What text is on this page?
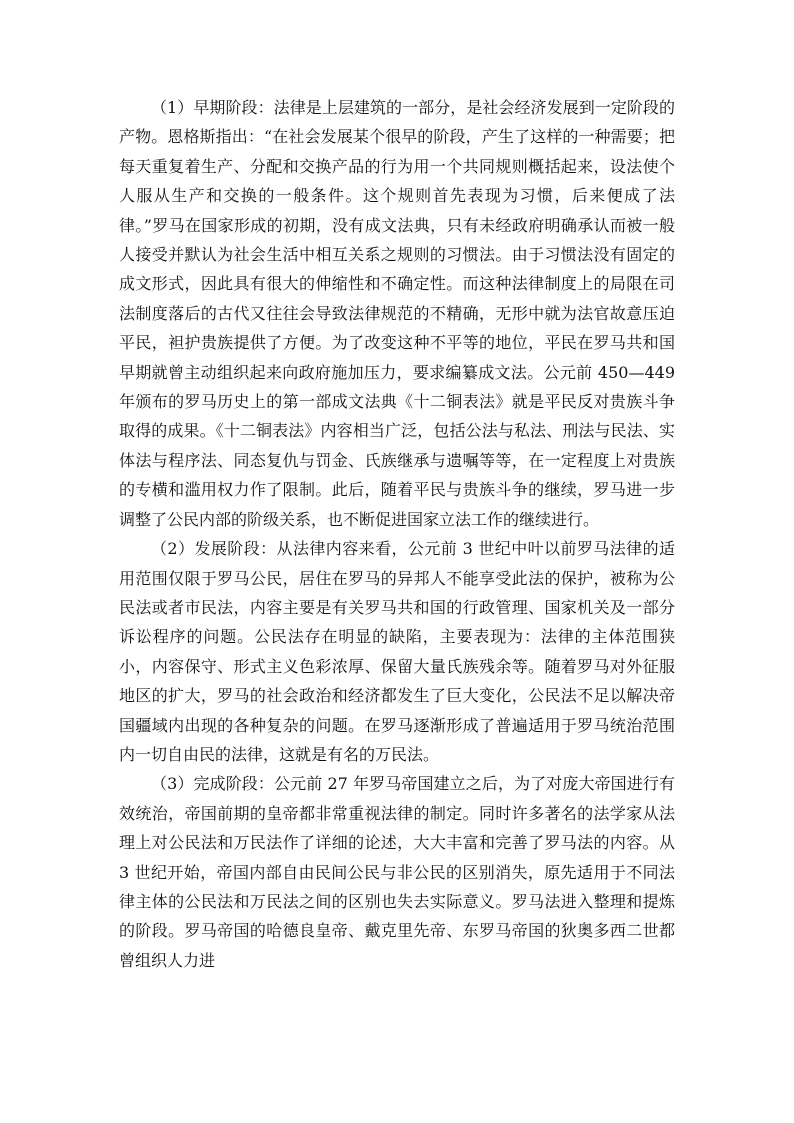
（1）早期阶段：法律是上层建筑的一部分，是社会经济发展到一定阶段的产物。恩格斯指出：“在社会发展某个很早的阶段，产生了这样的一种需要；把每天重复着生产、分配和交换产品的行为用一个共同规则概括起来，设法使个人服从生产和交换的一般条件。这个规则首先表现为习惯，后来便成了法律。”罗马在国家形成的初期，没有成文法典，只有未经政府明确承认而被一般人接受并默认为社会生活中相互关系之规则的习惯法。由于习惯法没有固定的成文形式，因此具有很大的伸缩性和不确定性。而这种法律制度上的局限在司法制度落后的古代又往往会导致法律规范的不精确，无形中就为法官故意压迫平民，袒护贵族提供了方便。为了改变这种不平等的地位，平民在罗马共和国早期就曾主动组织起来向政府施加压力，要求编纂成文法。公元前 450—449 年颁布的罗马历史上的第一部成文法典《十二铜表法》就是平民反对贵族斗争取得的成果。《十二铜表法》内容相当广泛，包括公法与私法、刑法与民法、实体法与程序法、同态复仇与罚金、氏族继承与遗嘱等等，在一定程度上对贵族的专横和滥用权力作了限制。此后，随着平民与贵族斗争的继续，罗马进一步调整了公民内部的阶级关系，也不断促进国家立法工作的继续进行。

（2）发展阶段：从法律内容来看，公元前 3 世纪中叶以前罗马法律的适用范围仅限于罗马公民，居住在罗马的异邦人不能享受此法的保护，被称为公民法或者市民法，内容主要是有关罗马共和国的行政管理、国家机关及一部分诉讼程序的问题。公民法存在明显的缺陷，主要表现为：法律的主体范围狭小，内容保守、形式主义色彩浓厚、保留大量氏族残余等。随着罗马对外征服地区的扩大，罗马的社会政治和经济都发生了巨大变化，公民法不足以解决帝国疆域内出现的各种复杂的问题。在罗马逐渐形成了普遍适用于罗马统治范围内一切自由民的法律，这就是有名的万民法。

（3）完成阶段：公元前 27 年罗马帝国建立之后，为了对庞大帝国进行有效统治，帝国前期的皇帝都非常重视法律的制定。同时许多著名的法学家从法理上对公民法和万民法作了详细的论述，大大丰富和完善了罗马法的内容。从 3 世纪开始，帝国内部自由民间公民与非公民的区别消失，原先适用于不同法律主体的公民法和万民法之间的区别也失去实际意义。罗马法进入整理和提炼的阶段。罗马帝国的哈德良皇帝、戴克里先帝、东罗马帝国的狄奥多西二世都曾组织人力进
